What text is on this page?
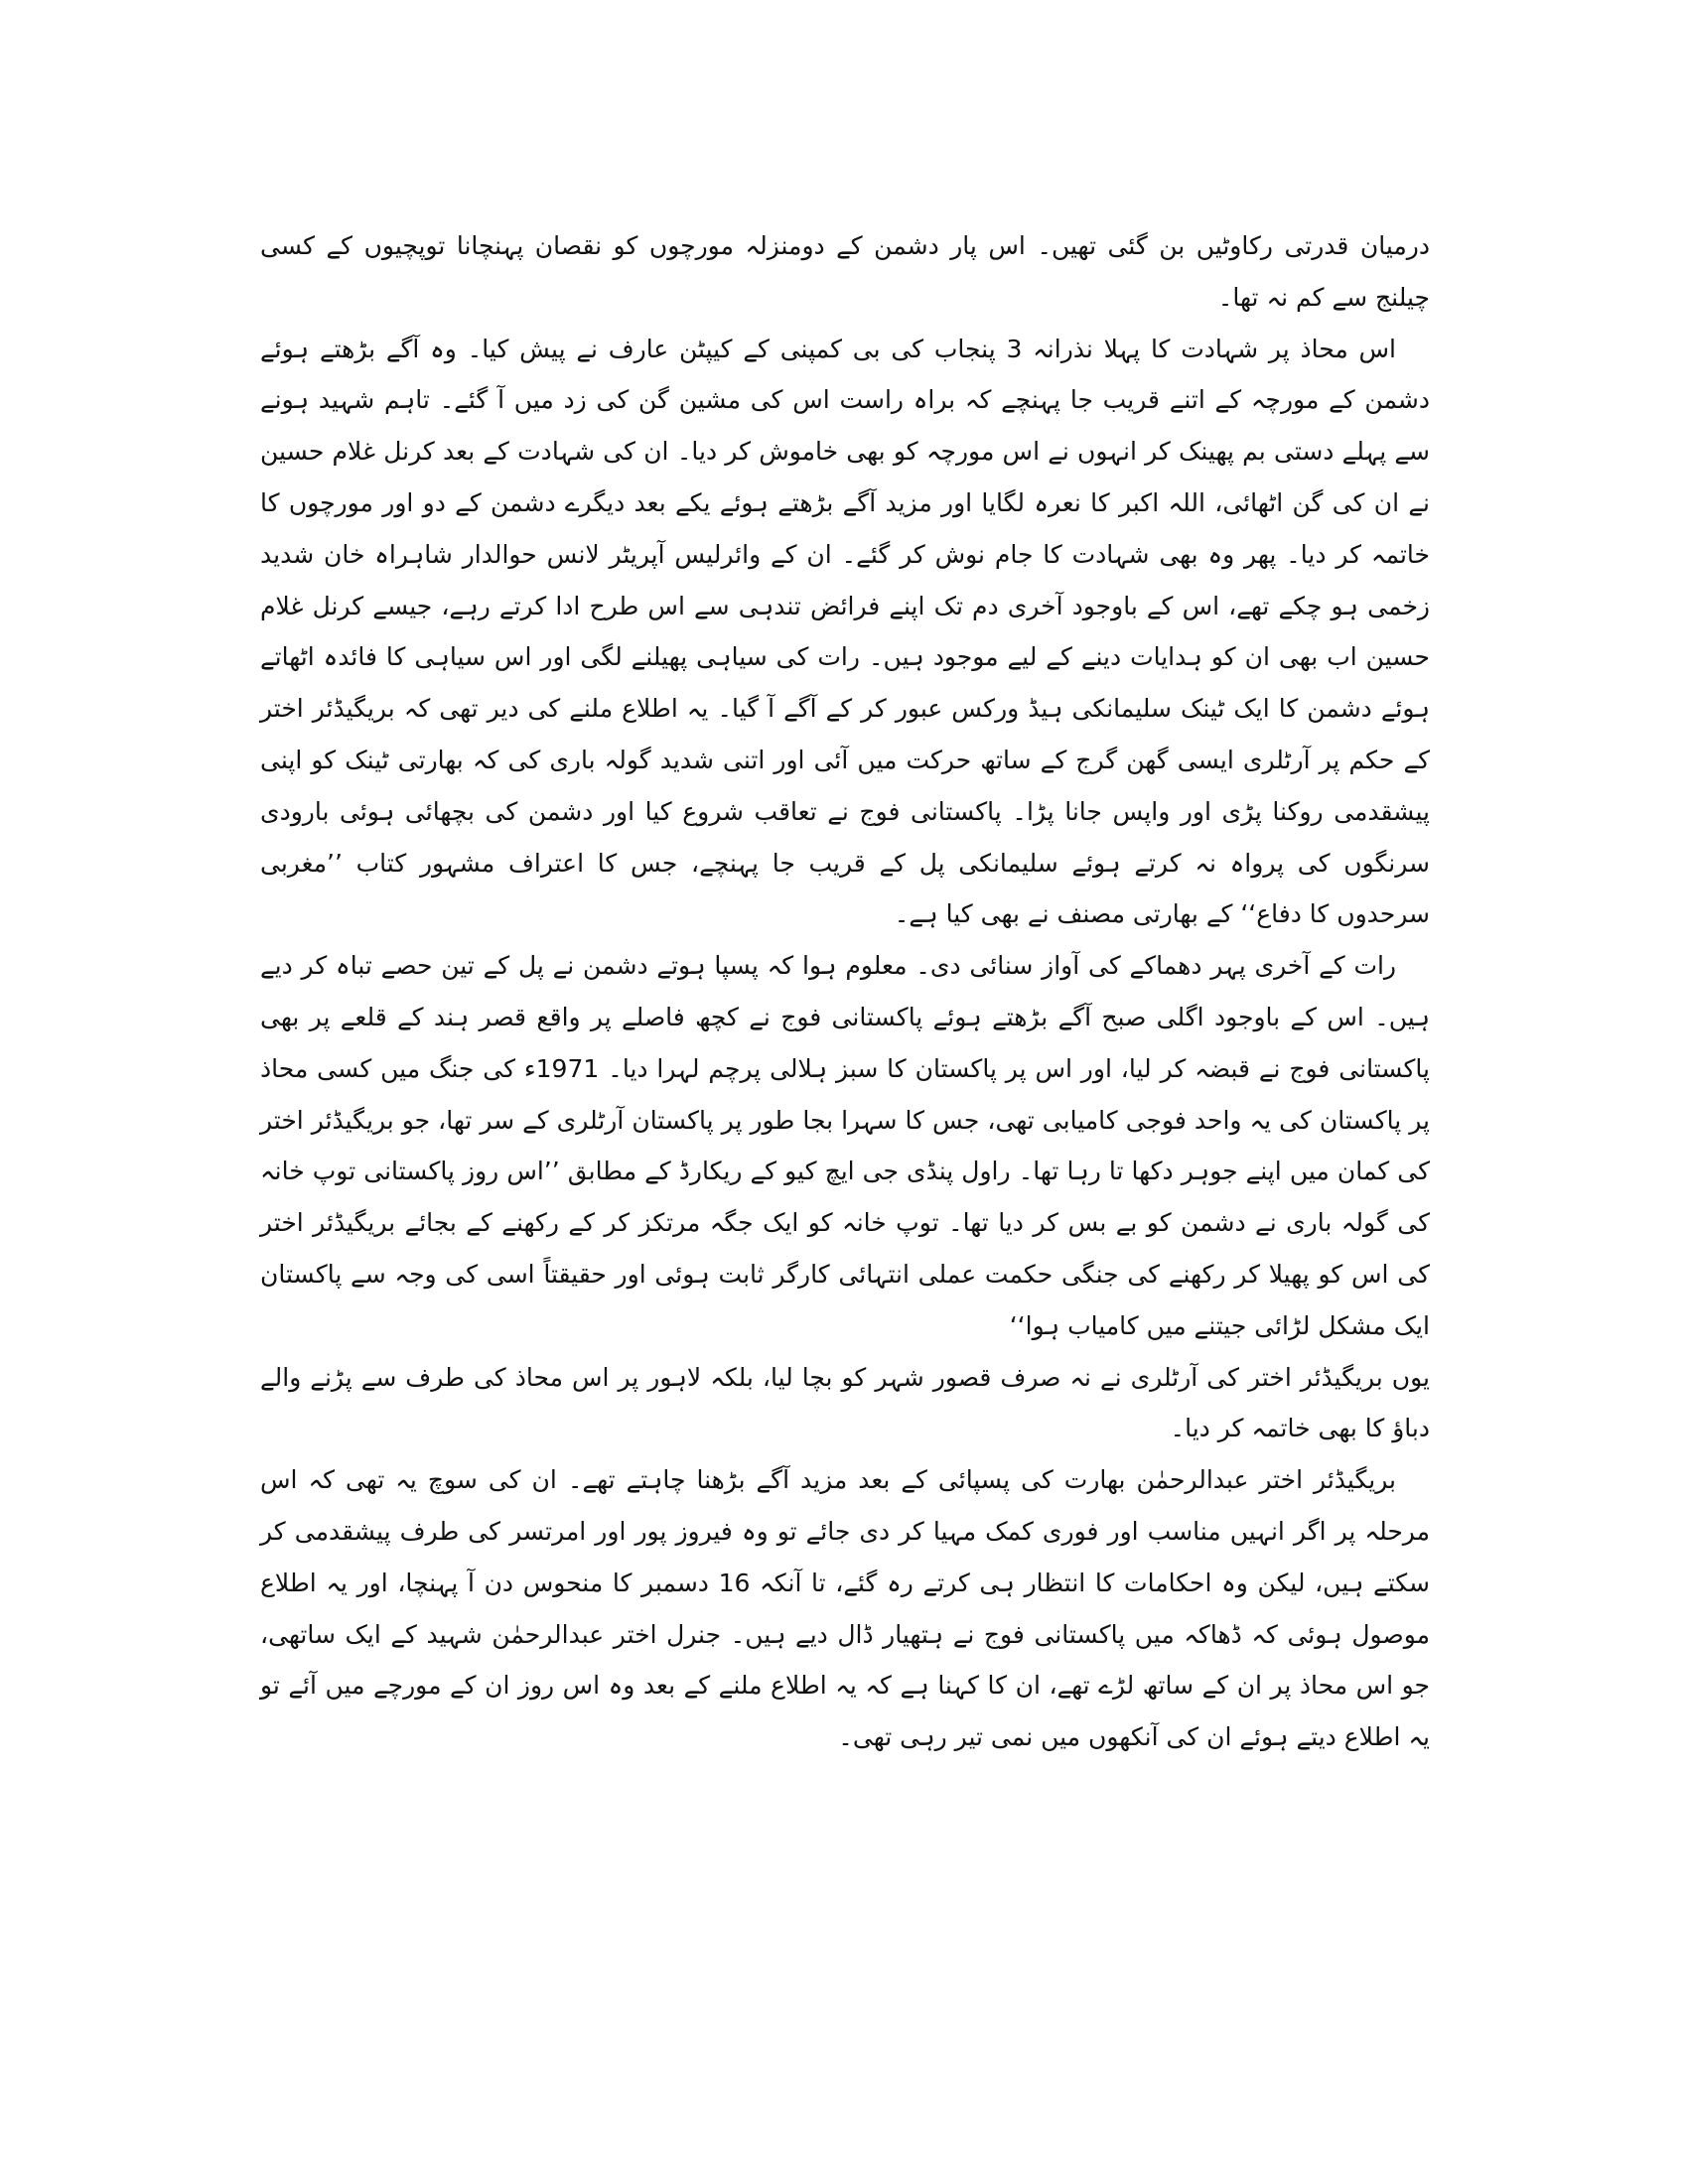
درمیان قدرتی رکاوٹیں بن گئی تھیں۔ اس پار دشمن کے دومنزلہ مورچوں کو نقصان پہنچانا توپچیوں کے کسی چیلنج سے کم نہ تھا۔

اس محاذ پر شہادت کا پہلا نذرانہ 3 پنجاب کی بی کمپنی کے کیپٹن عارف نے پیش کیا۔ وہ آگے بڑھتے ہوئے دشمن کے مورچہ کے اتنے قریب جا پہنچے کہ براہ راست اس کی مشین گن کی زد میں آ گئے۔ تاہم شہید ہونے سے پہلے دستی بم پھینک کر انہوں نے اس مورچہ کو بھی خاموش کر دیا۔ ان کی شہادت کے بعد کرنل غلام حسین نے ان کی گن اٹھائی، اللہ اکبر کا نعرہ لگایا اور مزید آگے بڑھتے ہوئے یکے بعد دیگرے دشمن کے دو اور مورچوں کا خاتمہ کر دیا۔ پھر وہ بھی شہادت کا جام نوش کر گئے۔ ان کے وائرلیس آپریٹر لانس حوالدار شاہراہ خان شدید زخمی ہو چکے تھے، اس کے باوجود آخری دم تک اپنے فرائض تندہی سے اس طرح ادا کرتے رہے، جیسے کرنل غلام حسین اب بھی ان کو ہدایات دینے کے لیے موجود ہیں۔ رات کی سیاہی پھیلنے لگی اور اس سیاہی کا فائدہ اٹھاتے ہوئے دشمن کا ایک ٹینک سلیمانکی ہیڈ ورکس عبور کر کے آگے آ گیا۔ یہ اطلاع ملنے کی دیر تھی کہ بریگیڈئر اختر کے حکم پر آرٹلری ایسی گھن گرج کے ساتھ حرکت میں آئی اور اتنی شدید گولہ باری کی کہ بھارتی ٹینک کو اپنی پیشقدمی روکنا پڑی اور واپس جانا پڑا۔ پاکستانی فوج نے تعاقب شروع کیا اور دشمن کی بچھائی ہوئی بارودی سرنگوں کی پرواہ نہ کرتے ہوئے سلیمانکی پل کے قریب جا پہنچے، جس کا اعتراف مشہور کتاب ’’مغربی سرحدوں کا دفاع‘‘ کے بھارتی مصنف نے بھی کیا ہے۔

رات کے آخری پہر دھماکے کی آواز سنائی دی۔ معلوم ہوا کہ پسپا ہوتے دشمن نے پل کے تین حصے تباہ کر دیے ہیں۔ اس کے باوجود اگلی صبح آگے بڑھتے ہوئے پاکستانی فوج نے کچھ فاصلے پر واقع قصر ہند کے قلعے پر بھی پاکستانی فوج نے قبضہ کر لیا، اور اس پر پاکستان کا سبز ہلالی پرچم لہرا دیا۔ 1971ء کی جنگ میں کسی محاذ پر پاکستان کی یہ واحد فوجی کامیابی تھی، جس کا سہرا بجا طور پر پاکستان آرٹلری کے سر تھا، جو بریگیڈئر اختر کی کمان میں اپنے جوہر دکھا تا رہا تھا۔ راول پنڈی جی ایچ کیو کے ریکارڈ کے مطابق ’’اس روز پاکستانی توپ خانہ کی گولہ باری نے دشمن کو بے بس کر دیا تھا۔ توپ خانہ کو ایک جگہ مرتکز کر کے رکھنے کے بجائے بریگیڈئر اختر کی اس کو پھیلا کر رکھنے کی جنگی حکمت عملی انتہائی کارگر ثابت ہوئی اور حقیقتاً اسی کی وجہ سے پاکستان ایک مشکل لڑائی جیتنے میں کامیاب ہوا‘‘

یوں بریگیڈئر اختر کی آرٹلری نے نہ صرف قصور شہر کو بچا لیا، بلکہ لاہور پر اس محاذ کی طرف سے پڑنے والے دباؤ کا بھی خاتمہ کر دیا۔

بریگیڈئر اختر عبدالرحمٰن بھارت کی پسپائی کے بعد مزید آگے بڑھنا چاہتے تھے۔ ان کی سوچ یہ تھی کہ اس مرحلہ پر اگر انہیں مناسب اور فوری کمک مہیا کر دی جائے تو وہ فیروز پور اور امرتسر کی طرف پیشقدمی کر سکتے ہیں، لیکن وہ احکامات کا انتظار ہی کرتے رہ گئے، تا آنکہ 16 دسمبر کا منحوس دن آ پہنچا، اور یہ اطلاع موصول ہوئی کہ ڈھاکہ میں پاکستانی فوج نے ہتھیار ڈال دیے ہیں۔ جنرل اختر عبدالرحمٰن شہید کے ایک ساتھی، جو اس محاذ پر ان کے ساتھ لڑے تھے، ان کا کہنا ہے کہ یہ اطلاع ملنے کے بعد وہ اس روز ان کے مورچے میں آئے تو یہ اطلاع دیتے ہوئے ان کی آنکھوں میں نمی تیر رہی تھی۔
